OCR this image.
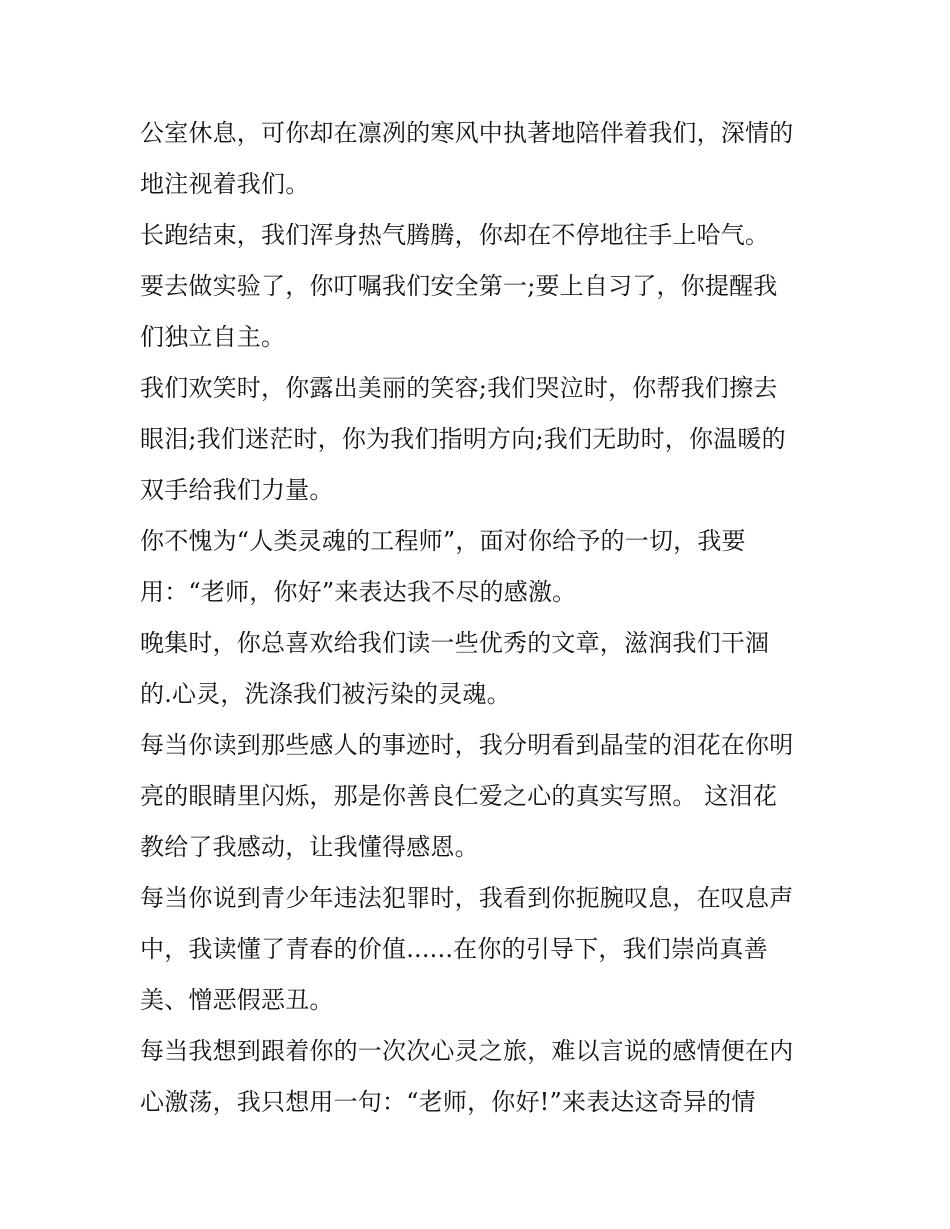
公室休息，可你却在凛冽的寒风中执著地陪伴着我们，深情的
地注视着我们。
长跑结束，我们浑身热气腾腾，你却在不停地往手上哈气。
要去做实验了，你叮嘱我们安全第一;要上自习了，你提醒我
们独立自主。
我们欢笑时，你露出美丽的笑容;我们哭泣时，你帮我们擦去
眼泪;我们迷茫时，你为我们指明方向;我们无助时，你温暖的
双手给我们力量。
你不愧为“人类灵魂的工程师”，面对你给予的一切，我要
用：“老师，你好”来表达我不尽的感激。
晚集时，你总喜欢给我们读一些优秀的文章，滋润我们干涸
的.心灵，洗涤我们被污染的灵魂。
每当你读到那些感人的事迹时，我分明看到晶莹的泪花在你明
亮的眼睛里闪烁，那是你善良仁爱之心的真实写照。 这泪花
教给了我感动，让我懂得感恩。
每当你说到青少年违法犯罪时，我看到你扼腕叹息，在叹息声
中，我读懂了青春的价值......在你的引导下，我们崇尚真善
美、憎恶假恶丑。
每当我想到跟着你的一次次心灵之旅，难以言说的感情便在内
心激荡，我只想用一句：“老师，你好!”来表达这奇异的情
